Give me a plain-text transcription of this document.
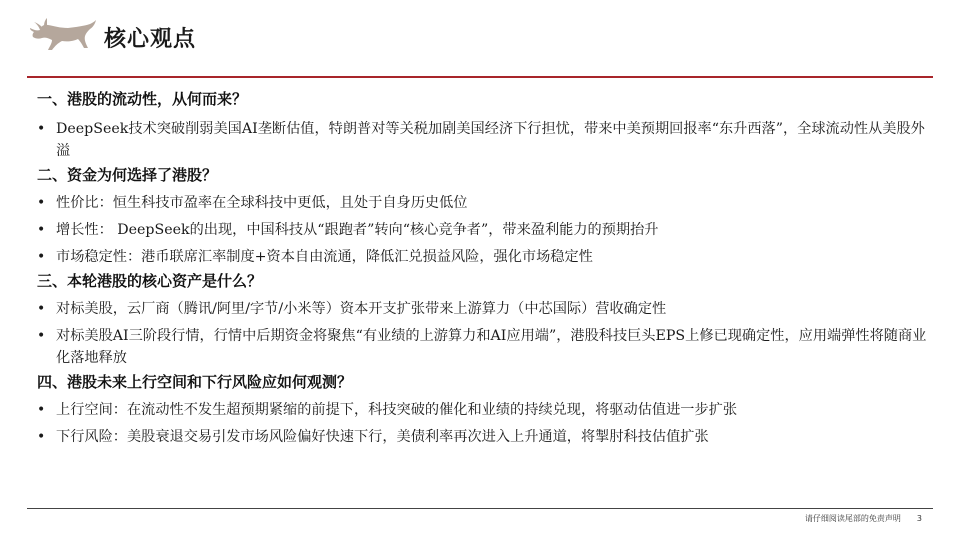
核心观点
一、港股的流动性，从何而来？
• DeepSeek技术突破削弱美国AI垄断估值，特朗普对等关税加剧美国经济下行担忧，带来中美预期回报率“东升西落”，全球流动性从美股外溢
二、资金为何选择了港股？
• 性价比：恒生科技市盈率在全球科技中更低，且处于自身历史低位
• 增长性： DeepSeek的出现，中国科技从“跟跑者”转向“核心竞争者”，带来盈利能力的预期抬升
• 市场稳定性：港币联席汇率制度+资本自由流通，降低汇兑损益风险，强化市场稳定性
三、本轮港股的核心资产是什么？
• 对标美股，云厂商（腾讯/阿里/字节/小米等）资本开支扩张带来上游算力（中芯国际）营收确定性
• 对标美股AI三阶段行情，行情中后期资金将聚焦“有业绩的上游算力和AI应用端”，港股科技巨头EPS上修已现确定性，应用端弹性将随商业化落地释放
四、港股未来上行空间和下行风险应如何观测？
• 上行空间：在流动性不发生超预期紧缩的前提下，科技突破的催化和业绩的持续兑现，将驱动估值进一步扩张
• 下行风险：美股衰退交易引发市场风险偏好快速下行，美债利率再次进入上升通道，将掣肘科技估值扩张
请仔细阅读尾部的免责声明 3
